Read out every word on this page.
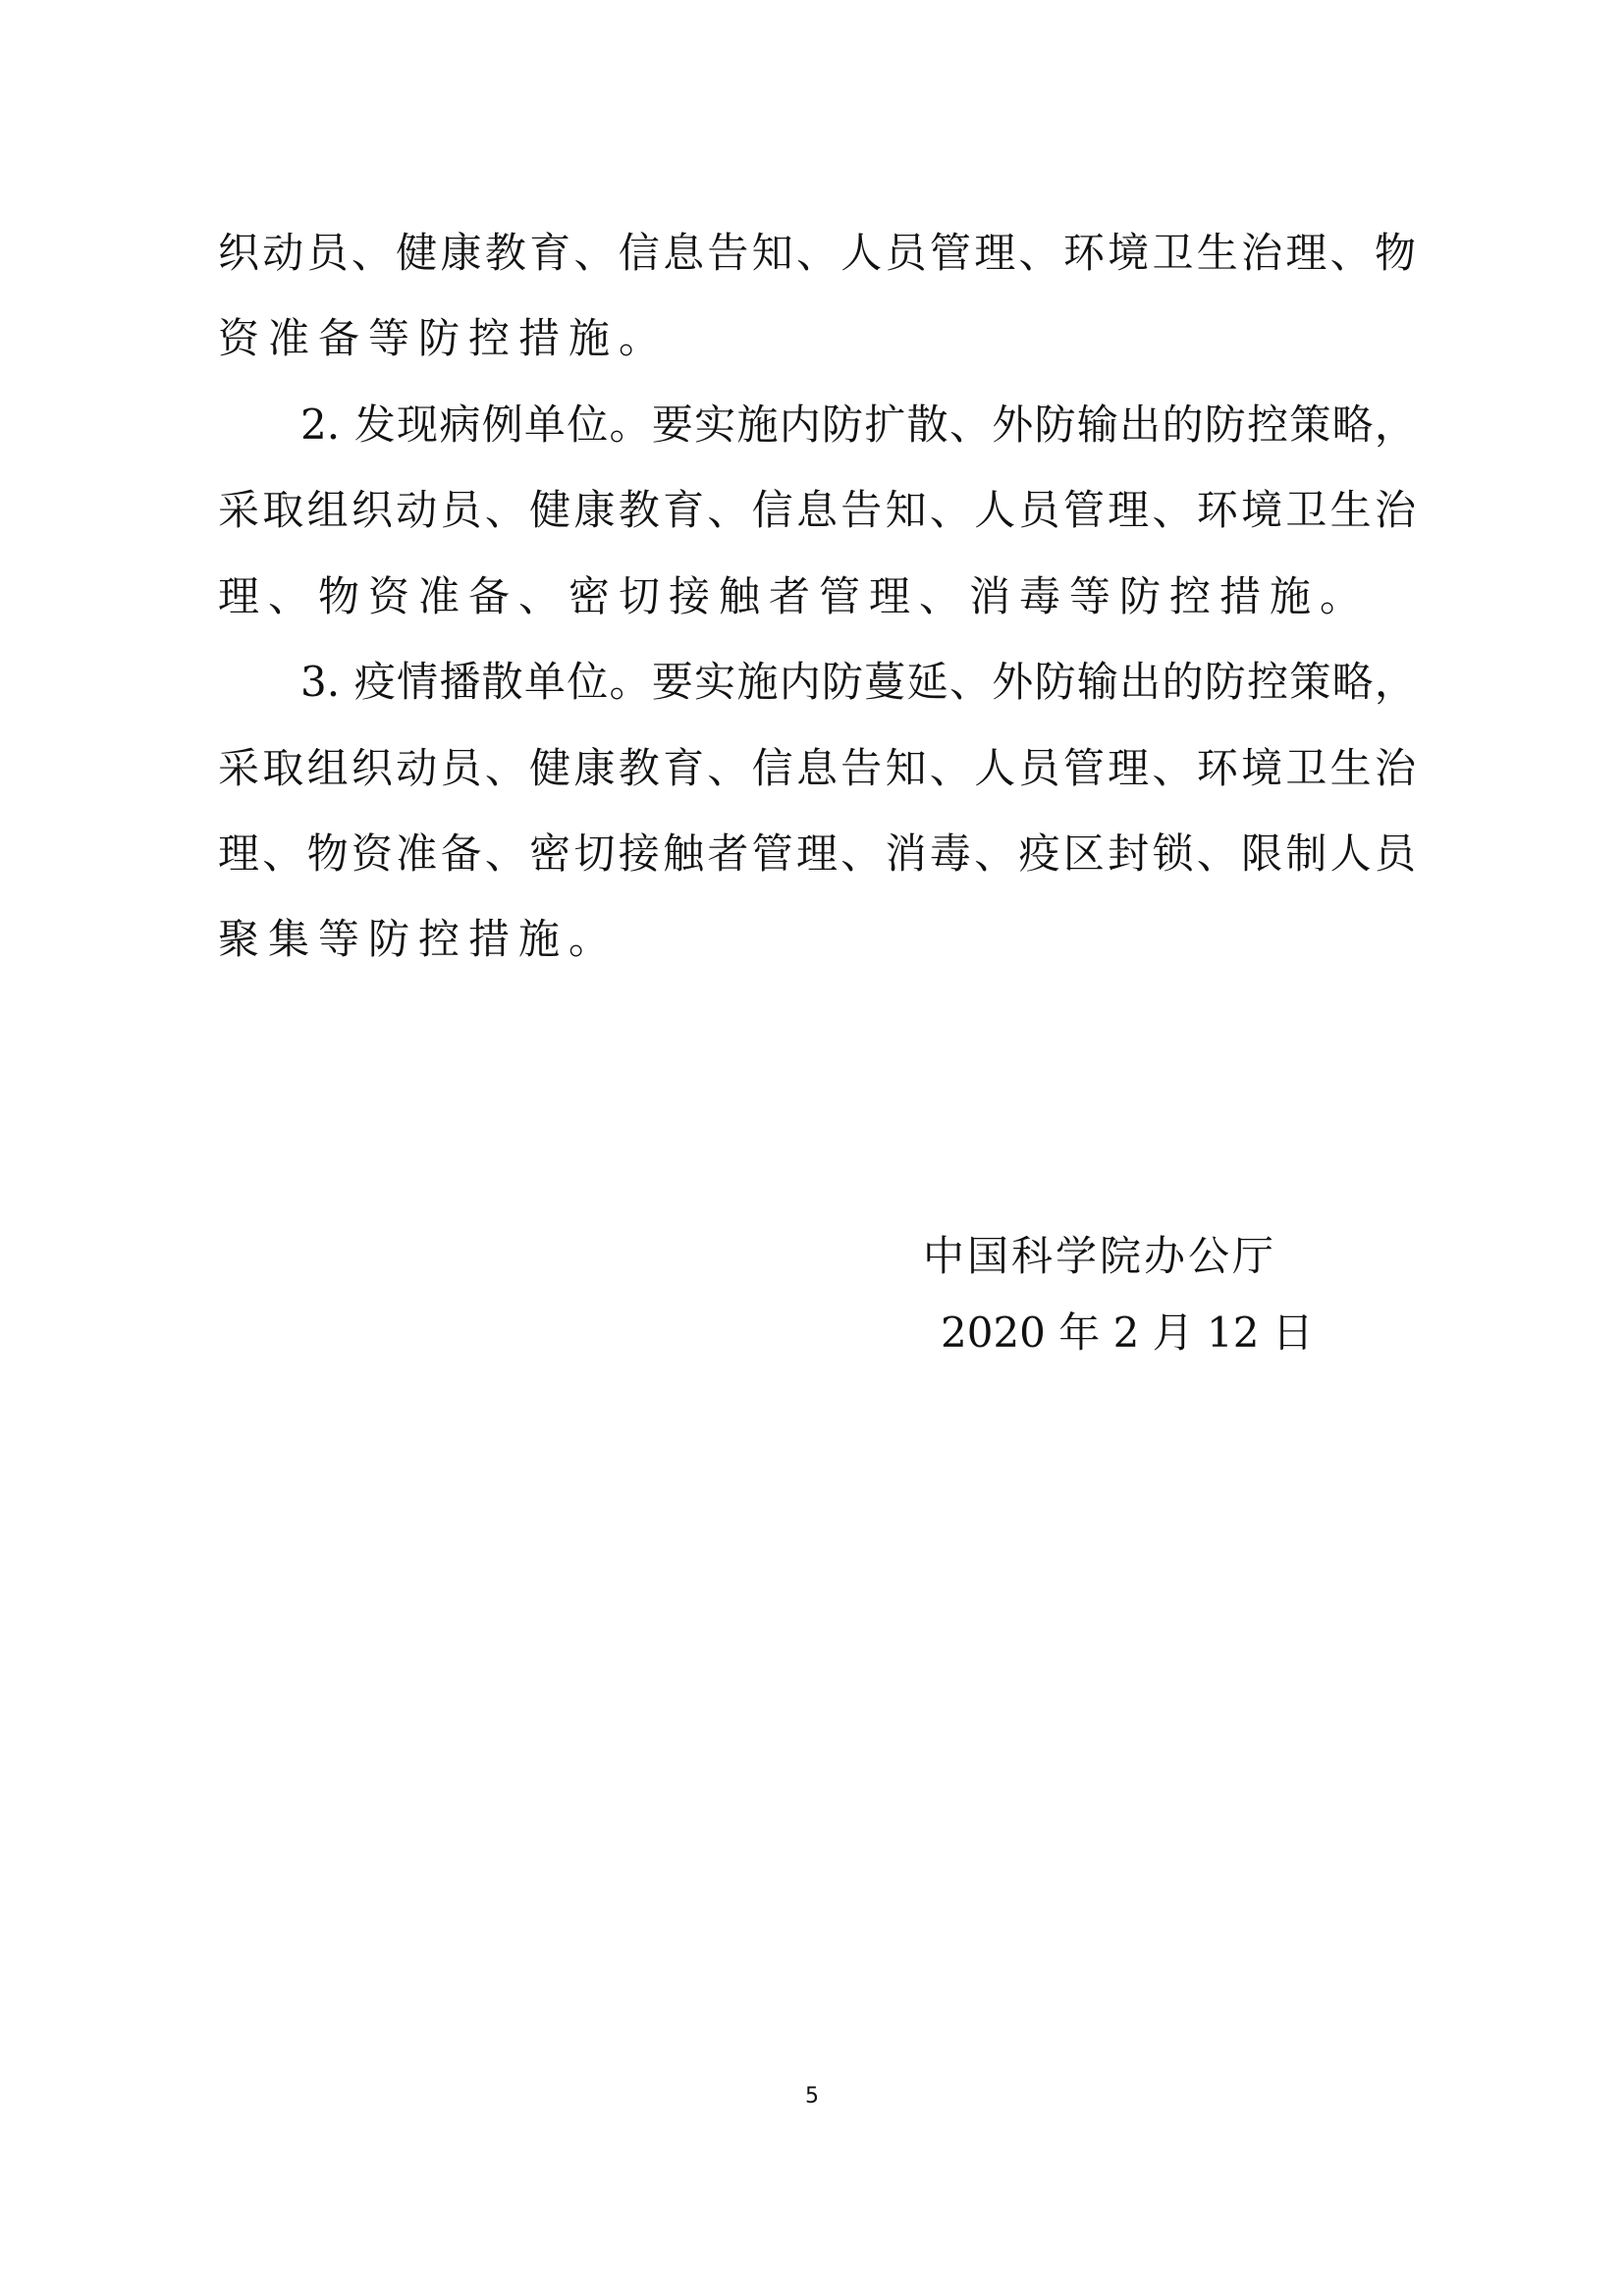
织动员、健康教育、信息告知、人员管理、环境卫生治理、物
资准备等防控措施。
2. 发现病例单位。要实施内防扩散、外防输出的防控策略，
采取组织动员、健康教育、信息告知、人员管理、环境卫生治
理、物资准备、密切接触者管理、消毒等防控措施。
3. 疫情播散单位。要实施内防蔓延、外防输出的防控策略，
采取组织动员、健康教育、信息告知、人员管理、环境卫生治
理、物资准备、密切接触者管理、消毒、疫区封锁、限制人员
聚集等防控措施。
中国科学院办公厅
2020 年 2 月 12 日
5
